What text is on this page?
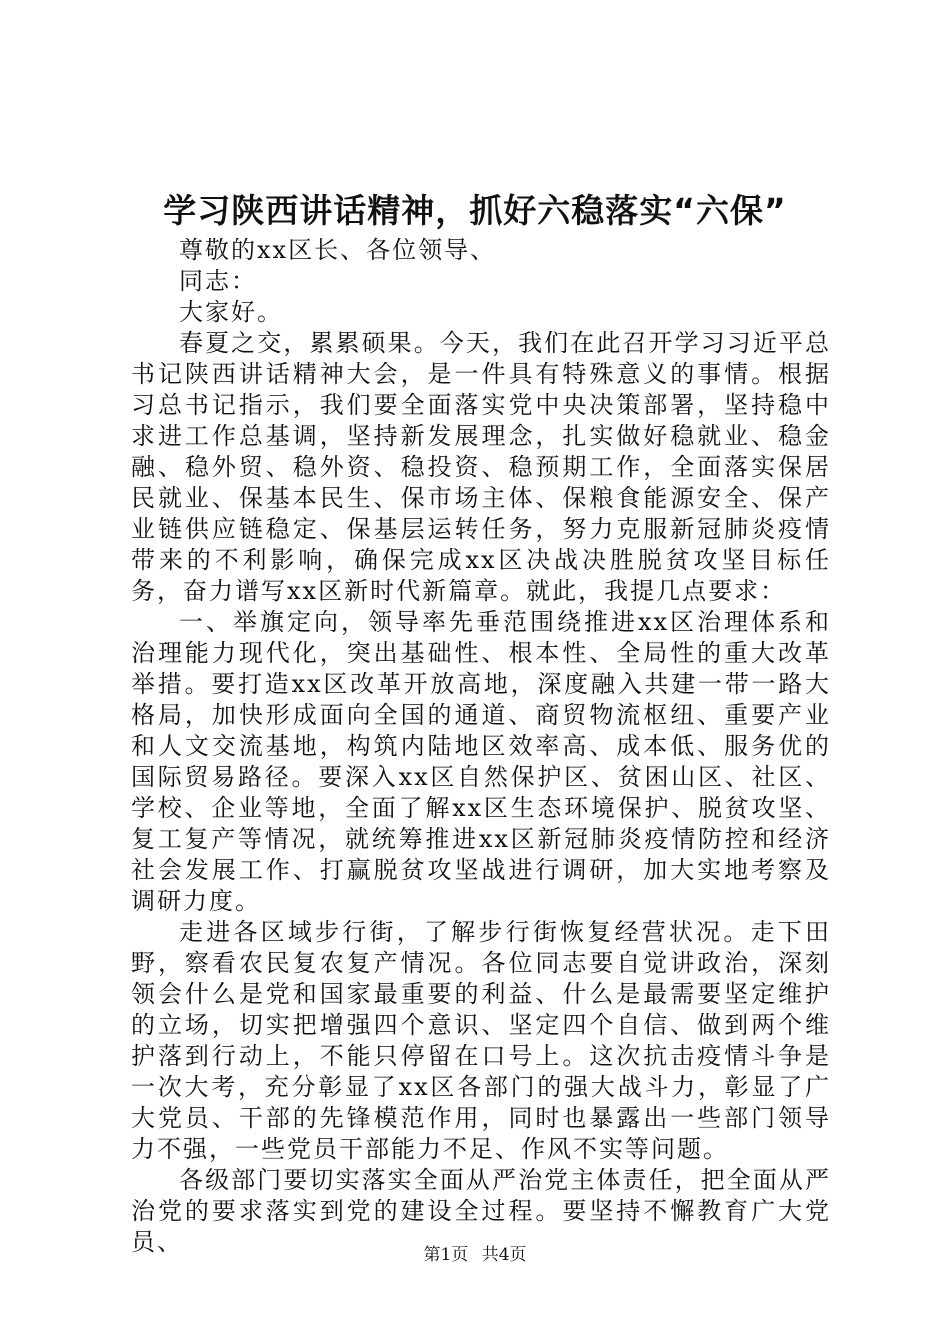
学习陕西讲话精神，抓好六稳落实“六保”

尊敬的xx区长、各位领导、

同志：

大家好。

春夏之交，累累硕果。今天，我们在此召开学习习近平总书记陕西讲话精神大会，是一件具有特殊意义的事情。根据习总书记指示，我们要全面落实党中央决策部署，坚持稳中求进工作总基调，坚持新发展理念，扎实做好稳就业、稳金融、稳外贸、稳外资、稳投资、稳预期工作，全面落实保居民就业、保基本民生、保市场主体、保粮食能源安全、保产业链供应链稳定、保基层运转任务，努力克服新冠肺炎疫情带来的不利影响，确保完成xx区决战决胜脱贫攻坚目标任务，奋力谱写xx区新时代新篇章。就此，我提几点要求：

一、举旗定向，领导率先垂范围绕推进xx区治理体系和治理能力现代化，突出基础性、根本性、全局性的重大改革举措。要打造xx区改革开放高地，深度融入共建一带一路大格局，加快形成面向全国的通道、商贸物流枢纽、重要产业和人文交流基地，构筑内陆地区效率高、成本低、服务优的国际贸易路径。要深入xx区自然保护区、贫困山区、社区、学校、企业等地，全面了解xx区生态环境保护、脱贫攻坚、复工复产等情况，就统筹推进xx区新冠肺炎疫情防控和经济社会发展工作、打赢脱贫攻坚战进行调研，加大实地考察及调研力度。

走进各区域步行街，了解步行街恢复经营状况。走下田野，察看农民复农复产情况。各位同志要自觉讲政治，深刻领会什么是党和国家最重要的利益、什么是最需要坚定维护的立场，切实把增强四个意识、坚定四个自信、做到两个维护落到行动上，不能只停留在口号上。这次抗击疫情斗争是一次大考，充分彰显了xx区各部门的强大战斗力，彰显了广大党员、干部的先锋模范作用，同时也暴露出一些部门领导力不强，一些党员干部能力不足、作风不实等问题。

各级部门要切实落实全面从严治党主体责任，把全面从严治党的要求落实到党的建设全过程。要坚持不懈教育广大党员、	第1页 共4页
